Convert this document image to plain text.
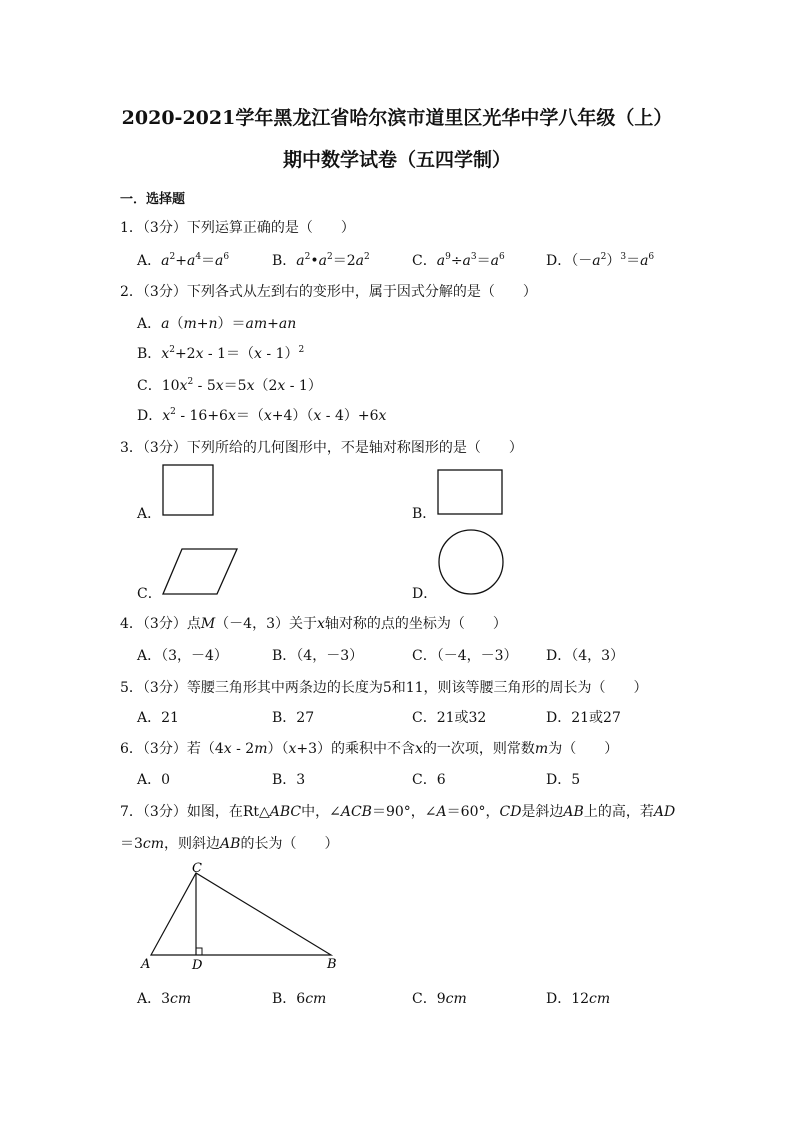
2020-2021学年黑龙江省哈尔滨市道里区光华中学八年级（上）
期中数学试卷（五四学制）
一．选择题
1．（3分）下列运算正确的是（　　）
A．$a^2+a^4=a^6$	B．$a^2•a^2=2a^2$	C．$a^9\div a^3=a^6$	D．$(-a^2)^3=a^6$
2．（3分）下列各式从左到右的变形中，属于因式分解的是（　　）
A．a（m+n）＝am+an
B．$x^2+2x - 1=(x - 1)^2$
C．$10x^2 - 5x=5x(2x - 1)$
D．$x^2 - 16+6x=(x+4)(x - 4)+6x$
3．（3分）下列所给的几何图形中，不是轴对称图形的是（　　）
A．	B．
C．	D．
4．（3分）点M（－4，3）关于x轴对称的点的坐标为（　　）
A．（3，－4）	B．（4，－3）	C．（－4，－3） D．（4，3）
5．（3分）等腰三角形其中两条边的长度为5和11，则该等腰三角形的周长为（　　）
A．21	B．27	C．21或32	D．21或27
6．（3分）若（4x - 2m）（x+3）的乘积中不含x的一次项，则常数m为（　　）
A．0	B．3	C．6	D．5
7．（3分）如图，在Rt△ABC中，∠ACB＝90°，∠A＝60°，CD是斜边AB上的高，若AD
＝3cm，则斜边AB的长为（　　）
C
A	D	B
A．3cm	B．6cm	C．9cm	D．12cm
